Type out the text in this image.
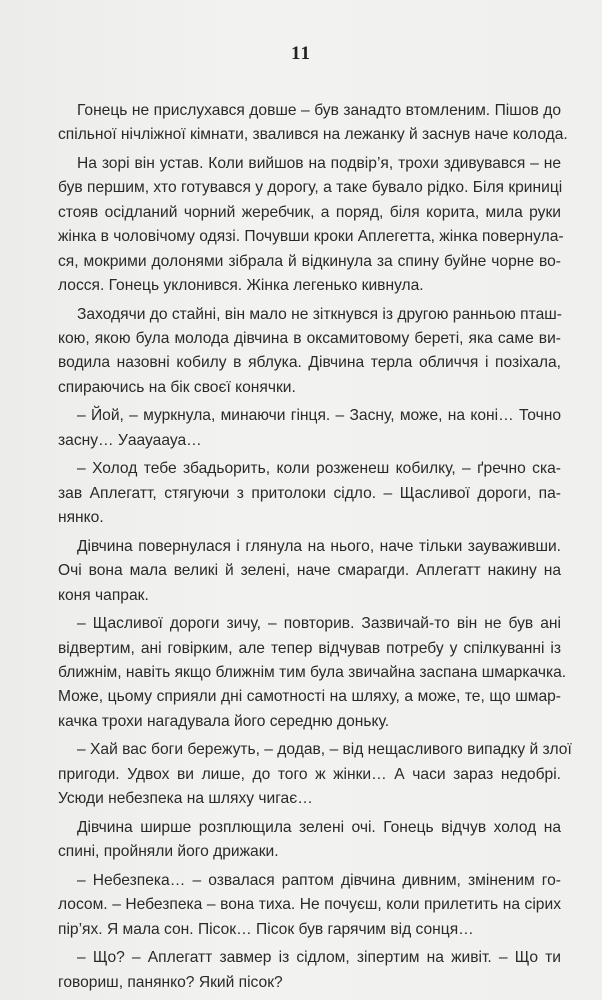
11
Гонець не прислухався довше – був занадто втомленим. Пішов до
спільної нічліжної кімнати, звалився на лежанку й заснув наче колода.
На зорі він устав. Коли вийшов на подвір’я, трохи здивувався – не
був першим, хто готувався у дорогу, а таке бувало рідко. Біля криниці
стояв осідланий чорний жеребчик, а поряд, біля корита, мила руки
жінка в чоловічому одязі. Почувши кроки Аплегетта, жінка повернула-
ся, мокрими долонями зібрала й відкинула за спину буйне чорне во-
лосся. Гонець уклонився. Жінка легенько кивнула.
Заходячи до стайні, він мало не зіткнувся із другою ранньою пташ-
кою, якою була молода дівчина в оксамитовому береті, яка саме ви-
водила назовні кобилу в яблука. Дівчина терла обличчя і позіхала,
спираючись на бік своєї конячки.
– Йой, – муркнула, минаючи гінця. – Засну, може, на коні… Точно
засну… Уаауаауа…
– Холод тебе збадьорить, коли розженеш кобилку, – ґречно ска-
зав Аплегатт, стягуючи з притолоки сідло. – Щасливої дороги, па-
нянко.
Дівчина повернулася і глянула на нього, наче тільки зауваживши.
Очі вона мала великі й зелені, наче смарагди. Аплегатт накину на
коня чапрак.
– Щасливої дороги зичу, – повторив. Зазвичай-то він не був ані
відвертим, ані говірким, але тепер відчував потребу у спілкуванні із
ближнім, навіть якщо ближнім тим була звичайна заспана шмаркачка.
Може, цьому сприяли дні самотності на шляху, а може, те, що шмар-
качка трохи нагадувала його середню доньку.
– Хай вас боги бережуть, – додав, – від нещасливого випадку й злої
пригоди. Удвох ви лише, до того ж жінки… А часи зараз недобрі.
Усюди небезпека на шляху чигає…
Дівчина ширше розплющила зелені очі. Гонець відчув холод на
спині, пройняли його дрижаки.
– Небезпека… – озвалася раптом дівчина дивним, зміненим го-
лосом. – Небезпека – вона тиха. Не почуєш, коли прилетить на сірих
пір’ях. Я мала сон. Пісок… Пісок був гарячим від сонця…
– Що? – Аплегатт завмер із сідлом, зіпертим на живіт. – Що ти
говориш, панянко? Який пісок?
